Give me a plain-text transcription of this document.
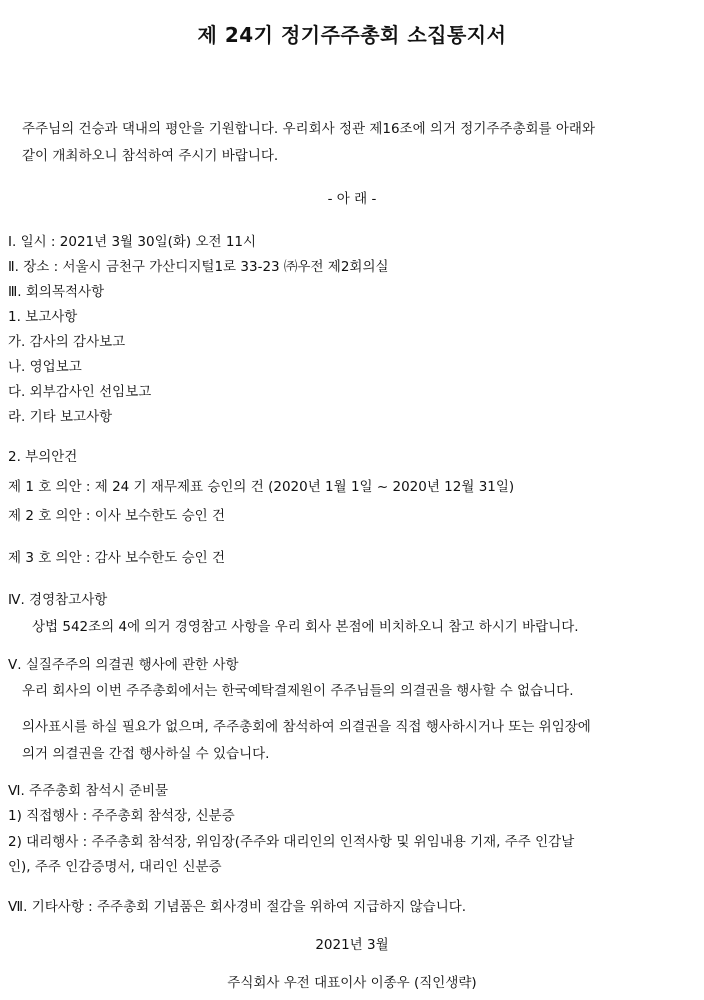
제 24기 정기주주총회 소집통지서
주주님의 건승과 댁내의 평안을 기원합니다. 우리회사 정관 제16조에 의거 정기주주총회를 아래와
같이 개최하오니 참석하여 주시기 바랍니다.
- 아 래 -
Ⅰ. 일시 : 2021년 3월 30일(화) 오전 11시
Ⅱ. 장소 : 서울시 금천구 가산디지털1로 33-23 ㈜우전 제2회의실
Ⅲ. 회의목적사항
1. 보고사항
가. 감사의 감사보고
나. 영업보고
다. 외부감사인 선임보고
라. 기타 보고사항
2. 부의안건
제 1 호 의안 : 제 24 기 재무제표 승인의 건 (2020년 1월 1일 ~ 2020년 12월 31일)
제 2 호 의안 : 이사 보수한도 승인 건
제 3 호 의안 : 감사 보수한도 승인 건
Ⅳ. 경영참고사항
상법 542조의 4에 의거 경영참고 사항을 우리 회사 본점에 비치하오니 참고 하시기 바랍니다.
Ⅴ. 실질주주의 의결권 행사에 관한 사항
우리 회사의 이번 주주총회에서는 한국예탁결제원이 주주님들의 의결권을 행사할 수 없습니다.
의사표시를 하실 필요가 없으며, 주주총회에 참석하여 의결권을 직접 행사하시거나 또는 위임장에
의거 의결권을 간접 행사하실 수 있습니다.
Ⅵ. 주주총회 참석시 준비물
1) 직접행사 : 주주총회 참석장, 신분증
2) 대리행사 : 주주총회 참석장, 위임장(주주와 대리인의 인적사항 및 위임내용 기재, 주주 인감날
인), 주주 인감증명서, 대리인 신분증
Ⅶ. 기타사항 : 주주총회 기념품은 회사경비 절감을 위하여 지급하지 않습니다.
2021년 3월
주식회사 우전 대표이사 이종우 (직인생략)
